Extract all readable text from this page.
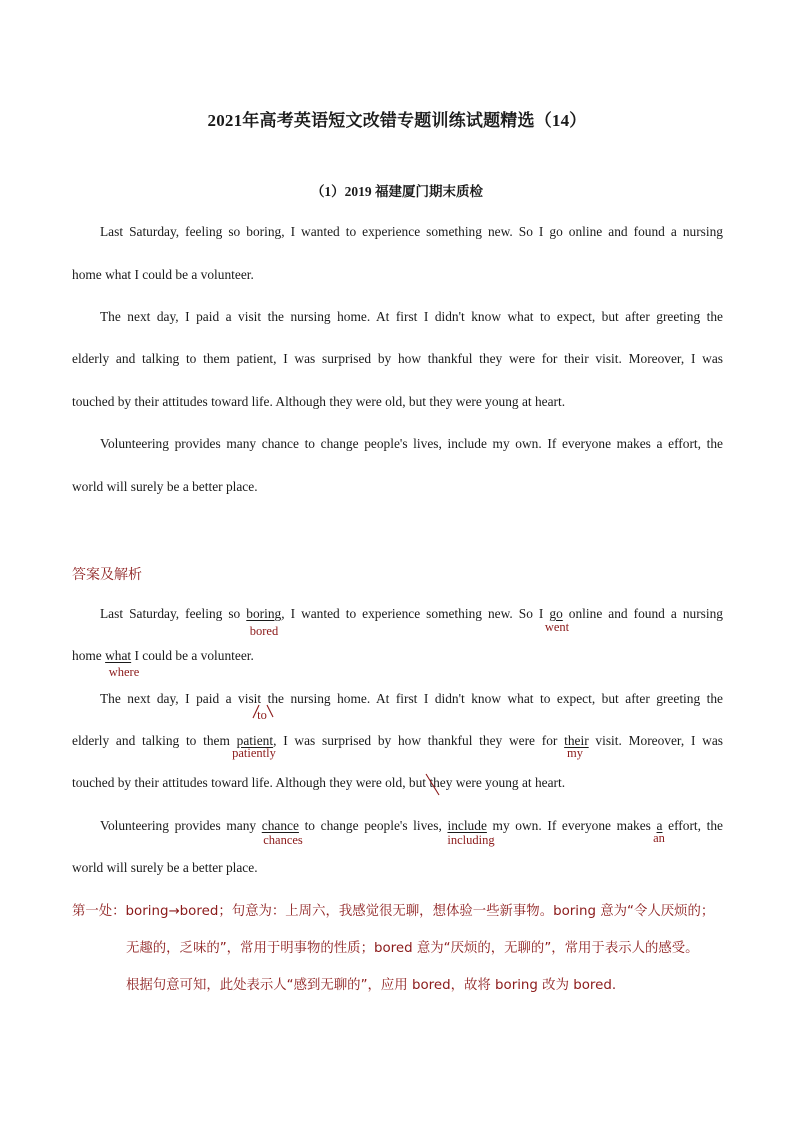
2021年高考英语短文改错专题训练试题精选（14）
（1）2019 福建厦门期末质检
Last Saturday, feeling so boring, I wanted to experience something new. So I go online and found a nursing
home what I could be a volunteer.
The next day, I paid a visit the nursing home. At first I didn't know what to expect, but after greeting the
elderly and talking to them patient, I was surprised by how thankful they were for their visit. Moreover, I was
touched by their attitudes toward life. Although they were old, but they were young at heart.
Volunteering provides many chance to change people's lives, include my own. If everyone makes a effort, the
world will surely be a better place.
答案及解析
Last Saturday, feeling so boring, I wanted to experience something new. So I go online and found a nursing
bored	went
home what I could be a volunteer.
where
The next day, I paid a visit the nursing home. At first I didn't know what to expect, but after greeting the
to
elderly and talking to them patient, I was surprised by how thankful they were for their visit. Moreover, I was
patiently	my
touched by their attitudes toward life. Although they were old, but they were young at heart.
Volunteering provides many chance to change people's lives, include my own. If everyone makes a effort, the
chances	including	an
world will surely be a better place.
第一处：boring→bored；句意为：上周六，我感觉很无聊，想体验一些新事物。boring 意为“令人厌烦的；
无趣的，乏味的”，常用于明事物的性质；bored 意为“厌烦的，无聊的”，常用于表示人的感受。
根据句意可知，此处表示人“感到无聊的”，应用 bored，故将 boring 改为 bored.
